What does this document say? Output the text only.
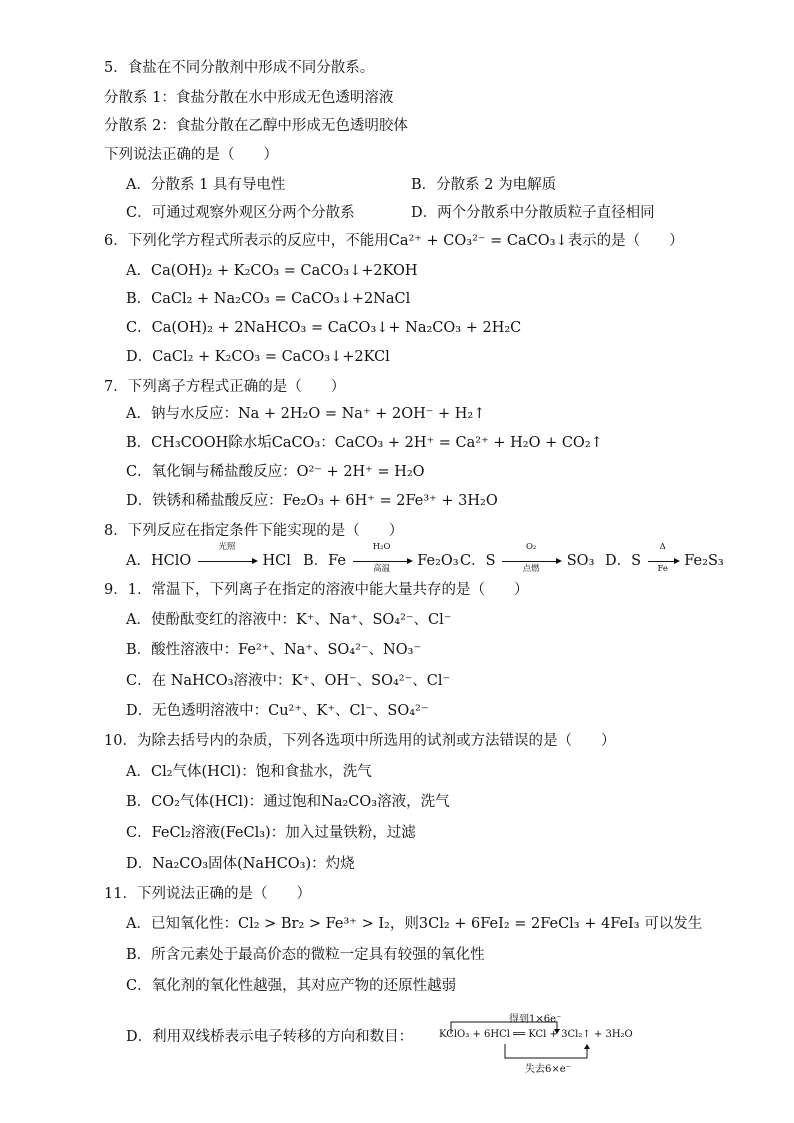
5．食盐在不同分散剂中形成不同分散系。
分散系 1：食盐分散在水中形成无色透明溶液
分散系 2：食盐分散在乙醇中形成无色透明胶体
下列说法正确的是（　　）
A．分散系 1 具有导电性	B．分散系 2 为电解质
C．可通过观察外观区分两个分散系	D．两个分散系中分散质粒子直径相同
6．下列化学方程式所表示的反应中，不能用Ca²⁺ + CO₃²⁻ = CaCO₃↓表示的是（　　）
A．Ca(OH)₂ + K₂CO₃ = CaCO₃↓+2KOH
B．CaCl₂ + Na₂CO₃ = CaCO₃↓+2NaCl
C．Ca(OH)₂ + 2NaHCO₃ = CaCO₃↓+ Na₂CO₃ + 2H₂C
D．CaCl₂ + K₂CO₃ = CaCO₃↓+2KCl
7．下列离子方程式正确的是（　　）
A．钠与水反应：Na + 2H₂O = Na⁺ + 2OH⁻ + H₂↑
B．CH₃COOH除水垢CaCO₃：CaCO₃ + 2H⁺ = Ca²⁺ + H₂O + CO₂↑
C．氧化铜与稀盐酸反应：O²⁻ + 2H⁺ = H₂O
D．铁锈和稀盐酸反应：Fe₂O₃ + 6H⁺ = 2Fe³⁺ + 3H₂O
8．下列反应在指定条件下能实现的是（　　）
A．HClO
光照
HCl B．Fe
H₂O
高温	Fe₂O₃ C．S
O₂
点燃	SO₃ D．S $\frac{\Delta}{Fe} Fe_2S_3$
9．1．常温下，下列离子在指定的溶液中能大量共存的是（　　）
A．使酚酞变红的溶液中：K⁺、Na⁺、SO₄²⁻、Cl⁻
B．酸性溶液中：Fe²⁺、Na⁺、SO₄²⁻、NO₃⁻
C．在 NaHCO₃溶液中：K⁺、OH⁻、SO₄²⁻、Cl⁻
D．无色透明溶液中：Cu²⁺、K⁺、Cl⁻、SO₄²⁻
10．为除去括号内的杂质，下列各选项中所选用的试剂或方法错误的是（　　）
A．Cl₂气体(HCl)：饱和食盐水，洗气
B．CO₂气体(HCl)：通过饱和Na₂CO₃溶液，洗气
C．FeCl₂溶液(FeCl₃)：加入过量铁粉，过滤
D．Na₂CO₃固体(NaHCO₃)：灼烧
11．下列说法正确的是（　　）
A．已知氧化性：Cl₂ > Br₂ > Fe³⁺ > I₂，则3Cl₂ + 6FeI₂ = 2FeCl₃ + 4FeI₃ 可以发生
B．所含元素处于最高价态的微粒一定具有较强的氧化性
C．氧化剂的氧化性越强，其对应产物的还原性越弱
D．利用双线桥表示电子转移的方向和数目：
得到1×6e⁻
KClO₃ + 6HCl ══ KCl + 3Cl₂↑ + 3H₂O
失去6×e⁻
